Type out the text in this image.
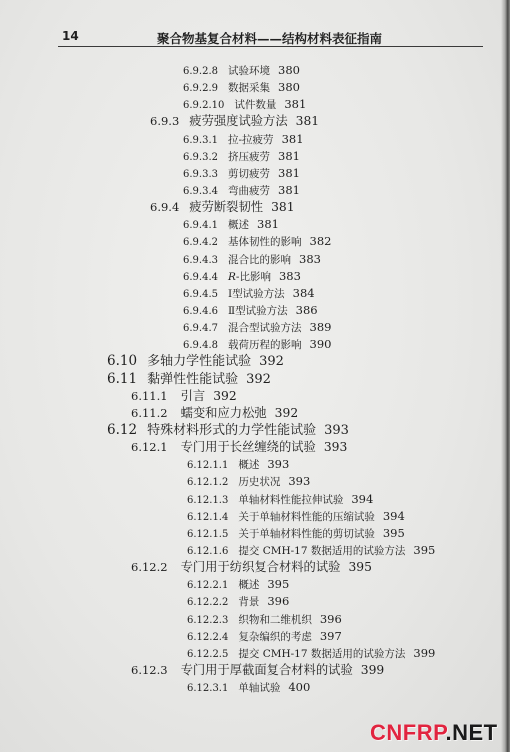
14	聚合物基复合材料——结构材料表征指南
6.9.2.8 试验环境 380
6.9.2.9 数据采集 380
6.9.2.10 试件数量 381
6.9.3 疲劳强度试验方法 381
6.9.3.1 拉-拉疲劳 381
6.9.3.2 挤压疲劳 381
6.9.3.3 剪切疲劳 381
6.9.3.4 弯曲疲劳 381
6.9.4 疲劳断裂韧性 381
6.9.4.1 概述 381
6.9.4.2 基体韧性的影响 382
6.9.4.3 混合比的影响 383
6.9.4.4 R-比影响 383
6.9.4.5 Ⅰ型试验方法 384
6.9.4.6 Ⅱ型试验方法 386
6.9.4.7 混合型试验方法 389
6.9.4.8 载荷历程的影响 390
6.10 多轴力学性能试验 392
6.11 黏弹性性能试验 392
6.11.1 引言 392
6.11.2 蠕变和应力松弛 392
6.12 特殊材料形式的力学性能试验 393
6.12.1 专门用于长丝缠绕的试验 393
6.12.1.1 概述 393
6.12.1.2 历史状况 393
6.12.1.3 单轴材料性能拉伸试验 394
6.12.1.4 关于单轴材料性能的压缩试验 394
6.12.1.5 关于单轴材料性能的剪切试验 395
6.12.1.6 提交 CMH-17 数据适用的试验方法 395
6.12.2 专门用于纺织复合材料的试验 395
6.12.2.1 概述 395
6.12.2.2 背景 396
6.12.2.3 织物和二维机织 396
6.12.2.4 复杂编织的考虑 397
6.12.2.5 提交 CMH-17 数据适用的试验方法 399
6.12.3 专门用于厚截面复合材料的试验 399
6.12.3.1 单轴试验 400
CNFRP.NET
